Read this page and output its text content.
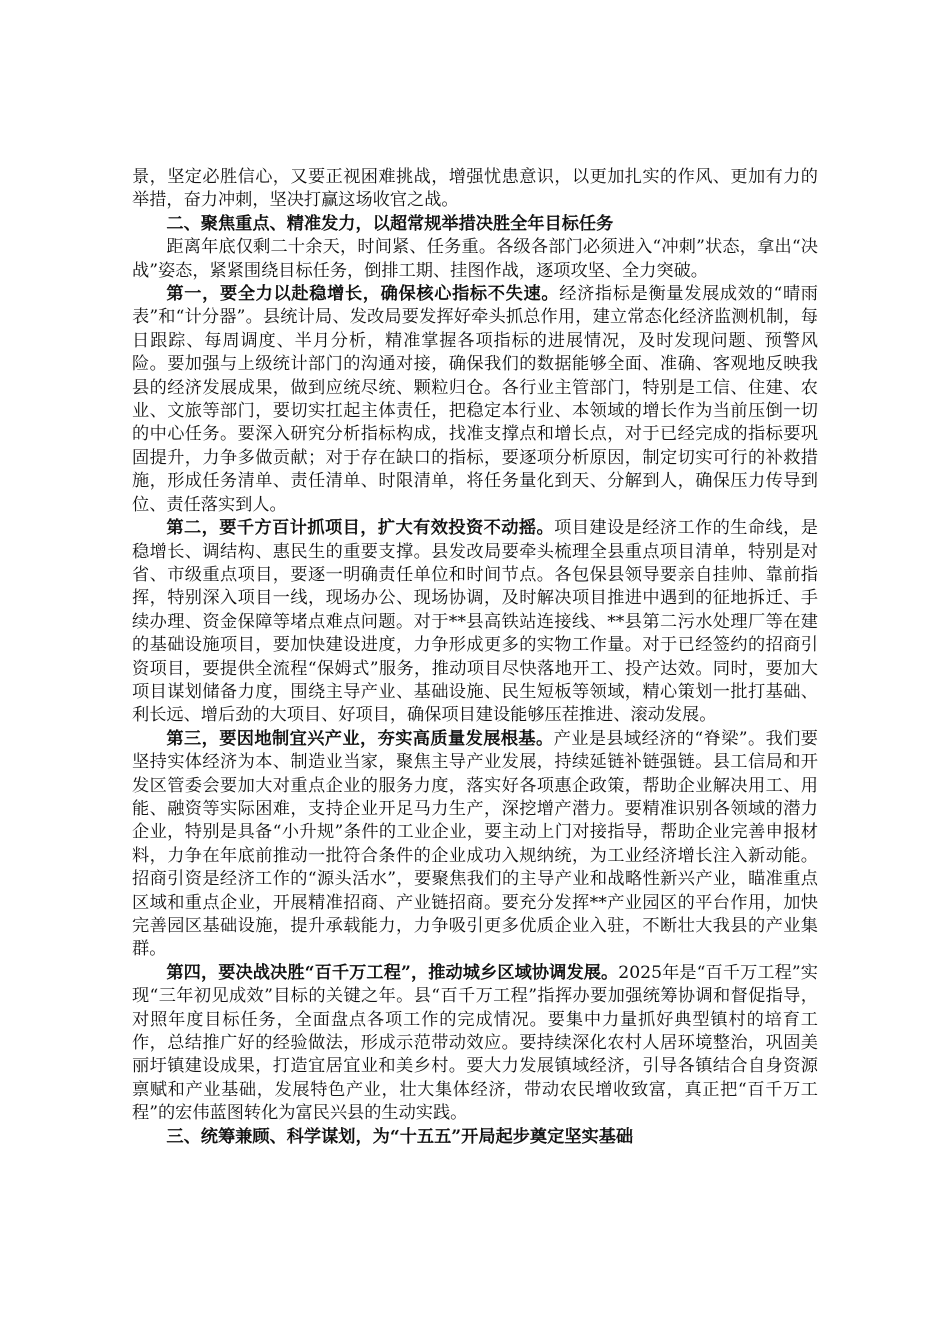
景，坚定必胜信心，又要正视困难挑战，增强忧患意识，以更加扎实的作风、更加有力的举措，奋力冲刺，坚决打赢这场收官之战。

二、聚焦重点、精准发力，以超常规举措决胜全年目标任务

距离年底仅剩二十余天，时间紧、任务重。各级各部门必须进入“冲刺”状态，拿出“决战”姿态，紧紧围绕目标任务，倒排工期、挂图作战，逐项攻坚、全力突破。

第一，要全力以赴稳增长，确保核心指标不失速。经济指标是衡量发展成效的“晴雨表”和“计分器”。县统计局、发改局要发挥好牵头抓总作用，建立常态化经济监测机制，每日跟踪、每周调度、半月分析，精准掌握各项指标的进展情况，及时发现问题、预警风险。要加强与上级统计部门的沟通对接，确保我们的数据能够全面、准确、客观地反映我县的经济发展成果，做到应统尽统、颗粒归仓。各行业主管部门，特别是工信、住建、农业、文旅等部门，要切实扛起主体责任，把稳定本行业、本领域的增长作为当前压倒一切的中心任务。要深入研究分析指标构成，找准支撑点和增长点，对于已经完成的指标要巩固提升，力争多做贡献；对于存在缺口的指标，要逐项分析原因，制定切实可行的补救措施，形成任务清单、责任清单、时限清单，将任务量化到天、分解到人，确保压力传导到位、责任落实到人。

第二，要千方百计抓项目，扩大有效投资不动摇。项目建设是经济工作的生命线，是稳增长、调结构、惠民生的重要支撑。县发改局要牵头梳理全县重点项目清单，特别是对省、市级重点项目，要逐一明确责任单位和时间节点。各包保县领导要亲自挂帅、靠前指挥，特别深入项目一线，现场办公、现场协调，及时解决项目推进中遇到的征地拆迁、手续办理、资金保障等堵点难点问题。对于**县高铁站连接线、**县第二污水处理厂等在建的基础设施项目，要加快建设进度，力争形成更多的实物工作量。对于已经签约的招商引资项目，要提供全流程“保姆式”服务，推动项目尽快落地开工、投产达效。同时，要加大项目谋划储备力度，围绕主导产业、基础设施、民生短板等领域，精心策划一批打基础、利长远、增后劲的大项目、好项目，确保项目建设能够压茬推进、滚动发展。

第三，要因地制宜兴产业，夯实高质量发展根基。产业是县域经济的“脊梁”。我们要坚持实体经济为本、制造业当家，聚焦主导产业发展，持续延链补链强链。县工信局和开发区管委会要加大对重点企业的服务力度，落实好各项惠企政策，帮助企业解决用工、用能、融资等实际困难，支持企业开足马力生产，深挖增产潜力。要精准识别各领域的潜力企业，特别是具备“小升规”条件的工业企业，要主动上门对接指导，帮助企业完善申报材料，力争在年底前推动一批符合条件的企业成功入规纳统，为工业经济增长注入新动能。招商引资是经济工作的“源头活水”，要聚焦我们的主导产业和战略性新兴产业，瞄准重点区域和重点企业，开展精准招商、产业链招商。要充分发挥**产业园区的平台作用，加快完善园区基础设施，提升承载能力，力争吸引更多优质企业入驻，不断壮大我县的产业集群。

第四，要决战决胜“百千万工程”，推动城乡区域协调发展。2025年是“百千万工程”实现“三年初见成效”目标的关键之年。县“百千万工程”指挥办要加强统筹协调和督促指导，对照年度目标任务，全面盘点各项工作的完成情况。要集中力量抓好典型镇村的培育工作，总结推广好的经验做法，形成示范带动效应。要持续深化农村人居环境整治，巩固美丽圩镇建设成果，打造宜居宜业和美乡村。要大力发展镇域经济，引导各镇结合自身资源禀赋和产业基础，发展特色产业，壮大集体经济，带动农民增收致富，真正把“百千万工程”的宏伟蓝图转化为富民兴县的生动实践。

三、统筹兼顾、科学谋划，为“十五五”开局起步奠定坚实基础
